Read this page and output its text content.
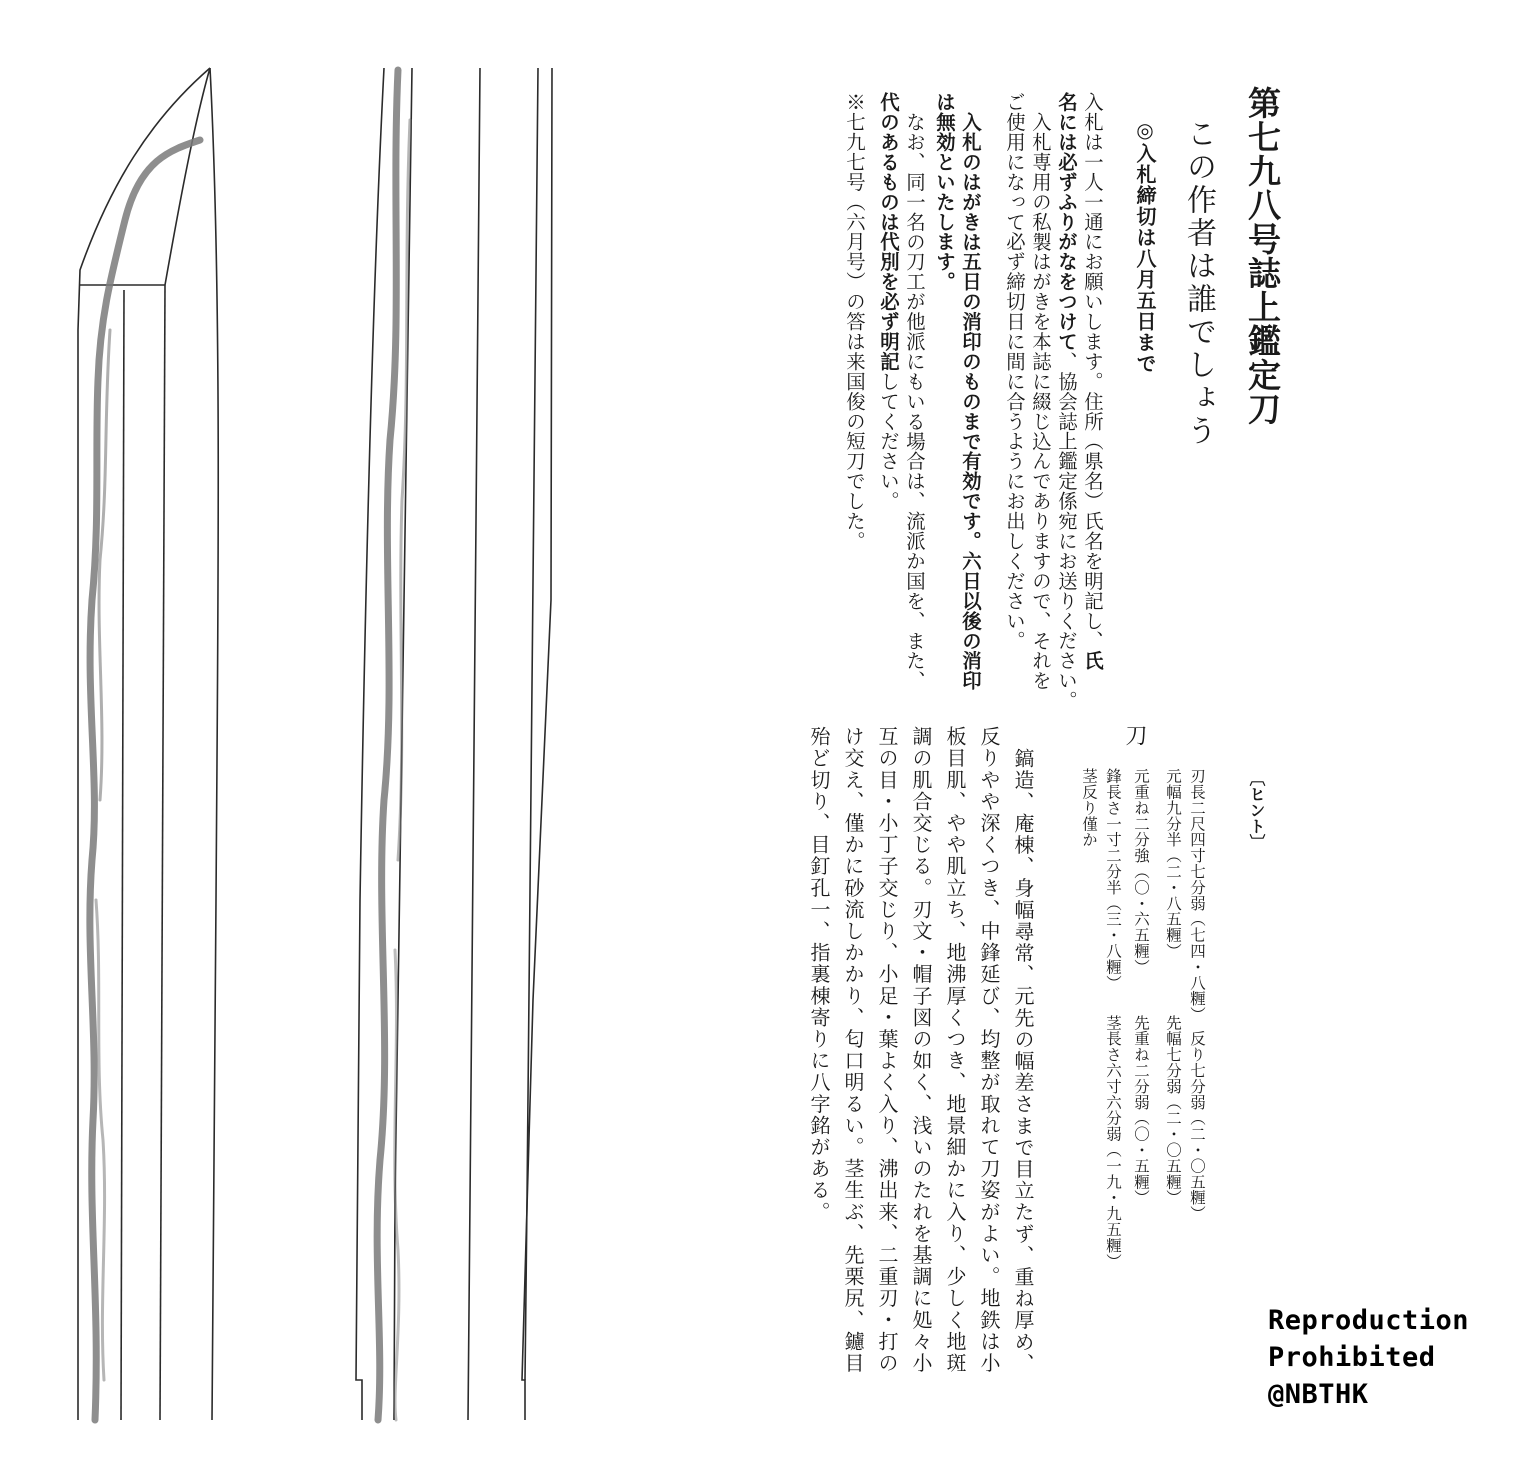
第七九八号誌上鑑定刀
この作者は誰でしょう
◎入札締切は八月五日まで
入札は一人一通にお願いします。住所（県名）氏名を明記し、氏
名には必ずふりがなをつけて、協会誌上鑑定係宛にお送りください。
入札専用の私製はがきを本誌に綴じ込んでありますので、それを
ご使用になって必ず締切日に間に合うようにお出しください。
入札のはがきは五日の消印のものまで有効です。六日以後の消印
は無効といたします。
なお、同一名の刀工が他派にもいる場合は、流派か国を、また、
代のあるものは代別を必ず明記してください。
※七九七号（六月号）の答は来国俊の短刀でした。
〔ヒント〕
刃長二尺四寸七分弱（七四・八糎）　反り七分弱（二・〇五糎）
元幅九分半（二・八五糎）　　　　先幅七分弱（二・〇五糎）
刀
元重ね二分強（〇・六五糎）　　　先重ね二分弱（〇・五糎）
鋒長さ一寸二分半（三・八糎）　　茎長さ六寸六分弱（一九・九五糎）
茎反り僅か
鎬造、庵棟、身幅尋常、元先の幅差さまで目立たず、重ね厚め、
反りやや深くつき、中鋒延び、均整が取れて刀姿がよい。地鉄は小
板目肌、やや肌立ち、地沸厚くつき、地景細かに入り、少しく地斑
調の肌合交じる。刃文・帽子図の如く、浅いのたれを基調に処々小
互の目・小丁子交じり、小足・葉よく入り、沸出来、二重刃・打の
け交え、僅かに砂流しかかり、匂口明るい。茎生ぶ、先栗尻、鑢目
殆ど切り、目釘孔一、指裏棟寄りに八字銘がある。
Reproduction
Prohibited
@NBTHK
